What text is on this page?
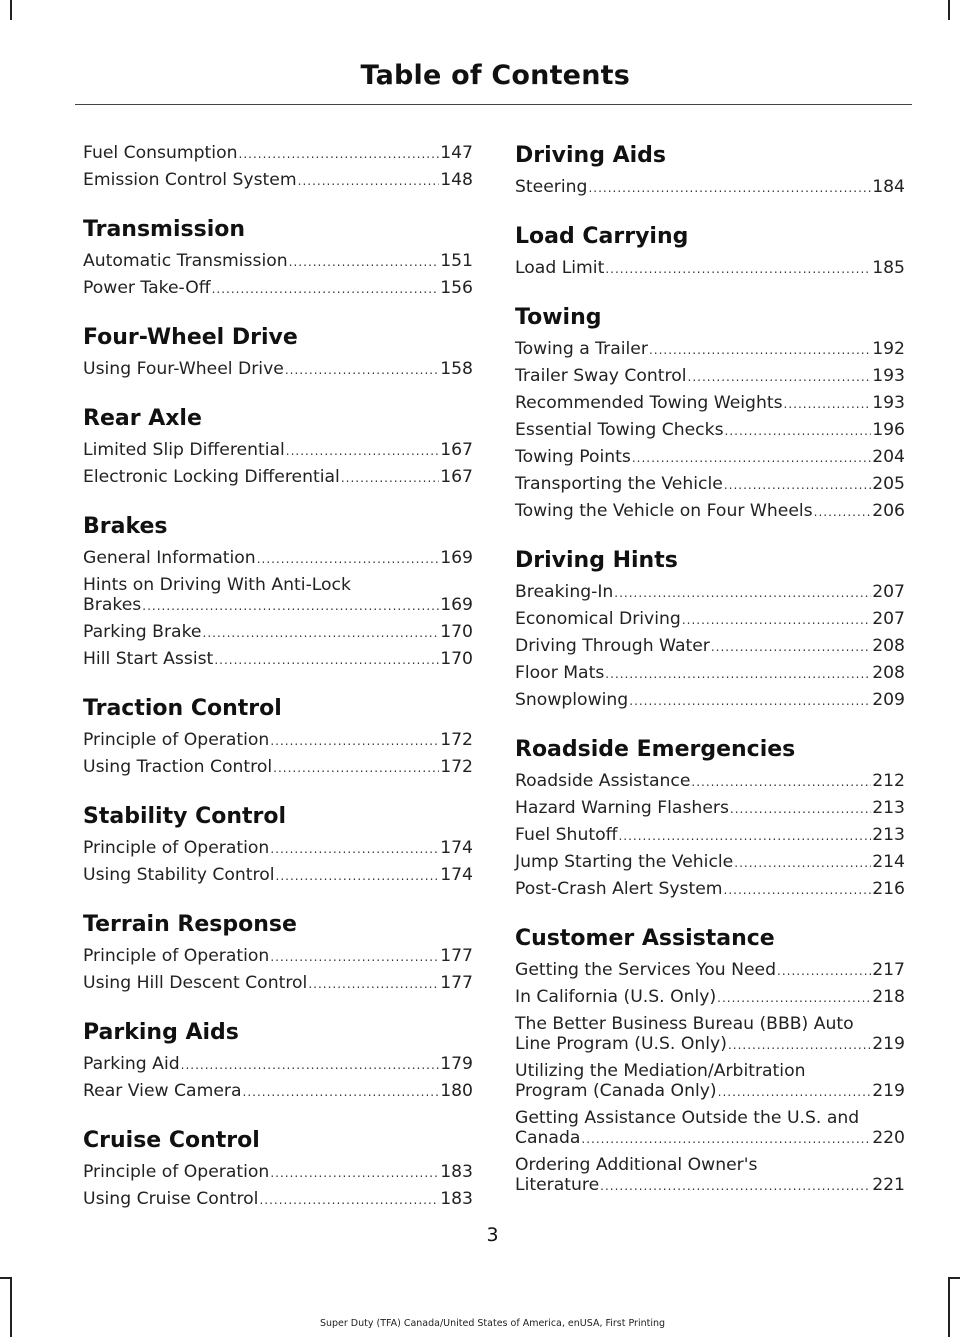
Table of Contents
Fuel Consumption .....	147
Emission Control System .....	148
Transmission
Automatic Transmission .....	151
Power Take-Off .....	156
Four-Wheel Drive
Using Four-Wheel Drive .....	158
Rear Axle
Limited Slip Differential .....	167
Electronic Locking Differential .....	167
Brakes
General Information .....	169
Hints on Driving With Anti-Lock
Brakes .....	169
Parking Brake .....	170
Hill Start Assist .....	170
Traction Control
Principle of Operation .....	172
Using Traction Control .....	172
Stability Control
Principle of Operation .....	174
Using Stability Control .....	174
Terrain Response
Principle of Operation .....	177
Using Hill Descent Control .....	177
Parking Aids
Parking Aid .....	179
Rear View Camera .....	180
Cruise Control
Principle of Operation .....	183
Using Cruise Control .....	183
Driving Aids
Steering .....	184
Load Carrying
Load Limit .....	185
Towing
Towing a Trailer .....	192
Trailer Sway Control .....	193
Recommended Towing Weights .....	193
Essential Towing Checks .....	196
Towing Points .....	204
Transporting the Vehicle .....	205
Towing the Vehicle on Four Wheels .....	206
Driving Hints
Breaking-In .....	207
Economical Driving .....	207
Driving Through Water .....	208
Floor Mats .....	208
Snowplowing .....	209
Roadside Emergencies
Roadside Assistance .....	212
Hazard Warning Flashers .....	213
Fuel Shutoff .....	213
Jump Starting the Vehicle .....	214
Post-Crash Alert System .....	216
Customer Assistance
Getting the Services You Need .....	217
In California (U.S. Only) .....	218
The Better Business Bureau (BBB) Auto
Line Program (U.S. Only) .....	219
Utilizing the Mediation/Arbitration
Program (Canada Only) .....	219
Getting Assistance Outside the U.S. and
Canada .....	220
Ordering Additional Owner's
Literature .....	221
3
Super Duty (TFA) Canada/United States of America, enUSA, First Printing
